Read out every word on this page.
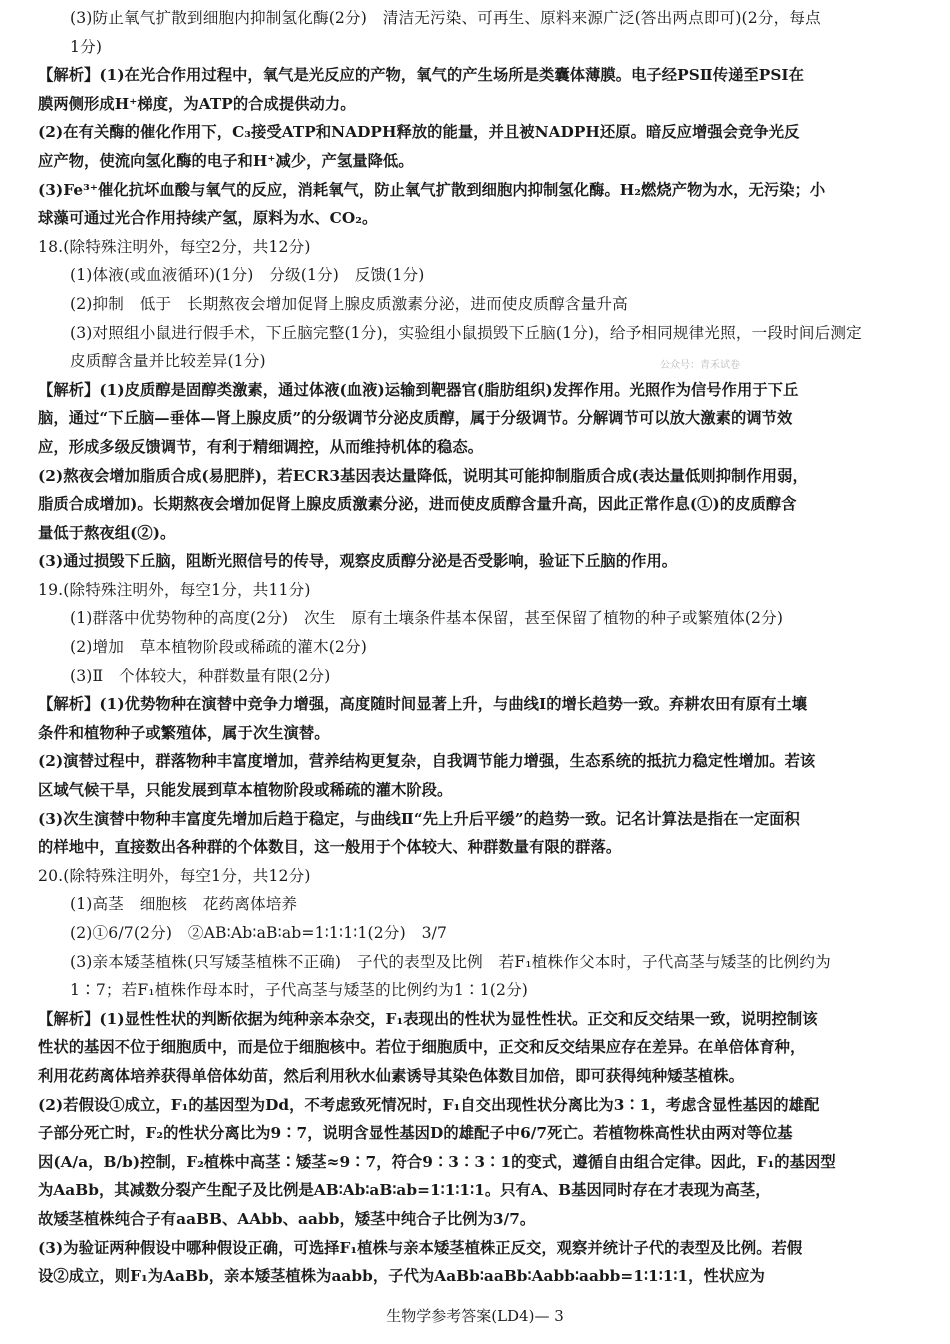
(3)防止氧气扩散到细胞内抑制氢化酶(2分)　清洁无污染、可再生、原料来源广泛(答出两点即可)(2分，每点
1分)
【解析】(1)在光合作用过程中，氧气是光反应的产物，氧气的产生场所是类囊体薄膜。电子经PSⅡ传递至PSⅠ在
膜两侧形成H⁺梯度，为ATP的合成提供动力。
(2)在有关酶的催化作用下，C₃接受ATP和NADPH释放的能量，并且被NADPH还原。暗反应增强会竞争光反
应产物，使流向氢化酶的电子和H⁺减少，产氢量降低。
(3)Fe³⁺催化抗坏血酸与氧气的反应，消耗氧气，防止氧气扩散到细胞内抑制氢化酶。H₂燃烧产物为水，无污染；小
球藻可通过光合作用持续产氢，原料为水、CO₂。
18.(除特殊注明外，每空2分，共12分)
(1)体液(或血液循环)(1分)　分级(1分)　反馈(1分)
(2)抑制　低于　长期熬夜会增加促肾上腺皮质激素分泌，进而使皮质醇含量升高
(3)对照组小鼠进行假手术，下丘脑完整(1分)，实验组小鼠损毁下丘脑(1分)，给予相同规律光照，一段时间后测定
皮质醇含量并比较差异(1分)
【解析】(1)皮质醇是固醇类激素，通过体液(血液)运输到靶器官(脂肪组织)发挥作用。光照作为信号作用于下丘
脑，通过“下丘脑—垂体—肾上腺皮质”的分级调节分泌皮质醇，属于分级调节。分解调节可以放大激素的调节效
应，形成多级反馈调节，有利于精细调控，从而维持机体的稳态。
(2)熬夜会增加脂质合成(易肥胖)，若ECR3基因表达量降低，说明其可能抑制脂质合成(表达量低则抑制作用弱，
脂质合成增加)。长期熬夜会增加促肾上腺皮质激素分泌，进而使皮质醇含量升高，因此正常作息(①)的皮质醇含
量低于熬夜组(②)。
(3)通过损毁下丘脑，阻断光照信号的传导，观察皮质醇分泌是否受影响，验证下丘脑的作用。
19.(除特殊注明外，每空1分，共11分)
(1)群落中优势物种的高度(2分)　次生　原有土壤条件基本保留，甚至保留了植物的种子或繁殖体(2分)
(2)增加　草本植物阶段或稀疏的灌木(2分)
(3)Ⅱ　个体较大，种群数量有限(2分)
【解析】(1)优势物种在演替中竞争力增强，高度随时间显著上升，与曲线Ⅰ的增长趋势一致。弃耕农田有原有土壤
条件和植物种子或繁殖体，属于次生演替。
(2)演替过程中，群落物种丰富度增加，营养结构更复杂，自我调节能力增强，生态系统的抵抗力稳定性增加。若该
区域气候干旱，只能发展到草本植物阶段或稀疏的灌木阶段。
(3)次生演替中物种丰富度先增加后趋于稳定，与曲线Ⅱ“先上升后平缓”的趋势一致。记名计算法是指在一定面积
的样地中，直接数出各种群的个体数目，这一般用于个体较大、种群数量有限的群落。
20.(除特殊注明外，每空1分，共12分)
(1)高茎　细胞核　花药离体培养
(2)①6/7(2分)　②AB∶Ab∶aB∶ab=1∶1∶1∶1(2分)　3/7
(3)亲本矮茎植株(只写矮茎植株不正确)　子代的表型及比例　若F₁植株作父本时，子代高茎与矮茎的比例约为
1∶7；若F₁植株作母本时，子代高茎与矮茎的比例约为1∶1(2分)
【解析】(1)显性性状的判断依据为纯种亲本杂交，F₁表现出的性状为显性性状。正交和反交结果一致，说明控制该
性状的基因不位于细胞质中，而是位于细胞核中。若位于细胞质中，正交和反交结果应存在差异。在单倍体育种，
利用花药离体培养获得单倍体幼苗，然后利用秋水仙素诱导其染色体数目加倍，即可获得纯种矮茎植株。
(2)若假设①成立，F₁的基因型为Dd，不考虑致死情况时，F₁自交出现性状分离比为3∶1，考虑含显性基因的雄配
子部分死亡时，F₂的性状分离比为9∶7，说明含显性基因D的雄配子中6/7死亡。若植物株高性状由两对等位基
因(A/a，B/b)控制，F₂植株中高茎∶矮茎≈9∶7，符合9∶3∶3∶1的变式，遵循自由组合定律。因此，F₁的基因型
为AaBb，其减数分裂产生配子及比例是AB∶Ab∶aB∶ab=1∶1∶1∶1。只有A、B基因同时存在才表现为高茎，
故矮茎植株纯合子有aaBB、AAbb、aabb，矮茎中纯合子比例为3/7。
(3)为验证两种假设中哪种假设正确，可选择F₁植株与亲本矮茎植株正反交，观察并统计子代的表型及比例。若假
设②成立，则F₁为AaBb，亲本矮茎植株为aabb，子代为AaBb∶aaBb∶Aabb∶aabb=1∶1∶1∶1，性状应为
公众号：青禾试卷
生物学参考答案(LD4)— 3
